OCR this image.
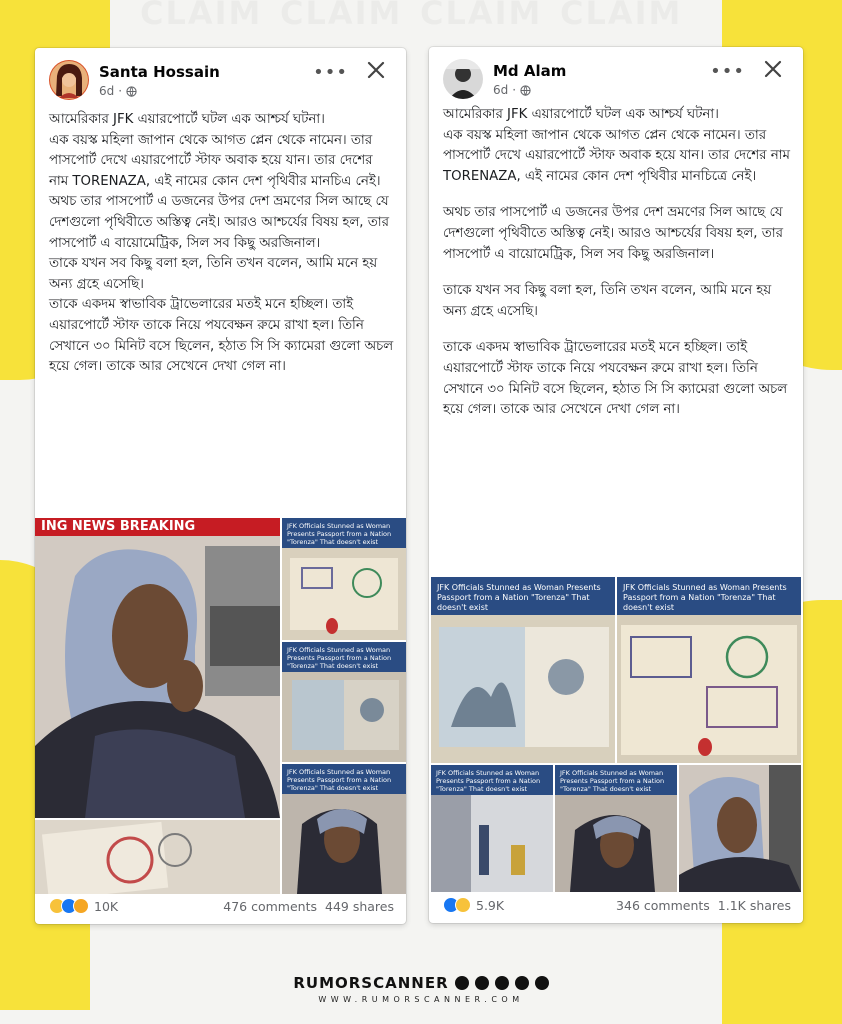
Santa Hossain
6d ·
•••

আমেরিকার JFK এয়ারপোর্টে ঘটল এক আশ্চর্য ঘটনা।

এক বয়স্ক মহিলা জাপান থেকে আগত প্লেন থেকে নামেন। তার পাসপোর্ট দেখে এয়ারপোর্টে স্টাফ অবাক হয়ে যান। তার দেশের নাম TORENAZA, এই নামের কোন দেশ পৃথিবীর মানচিএ নেই।

অথচ তার পাসপোর্ট এ ডজনের উপর দেশ ভ্রমণের সিল আছে যে দেশগুলো পৃথিবীতে অস্তিত্ব নেই। আরও আশ্চর্যের বিষয় হল, তার পাসপোর্ট এ বায়োমেট্রিক, সিল সব কিছু অরজিনাল।

তাকে যখন সব কিছু বলা হল, তিনি তখন বলেন, আমি মনে হয় অন্য গ্রহে এসেছি।

তাকে একদম স্বাভাবিক ট্রাভেলারের মতই মনে হচ্ছিল। তাই এয়ারপোর্টে স্টাফ তাকে নিয়ে পযবেক্ষন রুমে রাখা হল। তিনি সেখানে ৩০ মিনিট বসে ছিলেন, হঠাত সি সি ক্যামেরা গুলো অচল হয়ে গেল। তাকে আর সেখেনে দেখা গেল না।

ING NEWS BREAKING	JFK Officials Stunned as Woman Presents Passport from a Nation "Torenza" That doesn't exist
JFK Officials Stunned as Woman Presents Passport from a Nation "Torenza" That doesn't exist
JFK Officials Stunned as Woman Presents Passport from a Nation "Torenza" That doesn't exist
10K	476 comments 449 shares
Md Alam
6d ·
•••

আমেরিকার JFK এয়ারপোর্টে ঘটল এক আশ্চর্য ঘটনা।

এক বয়স্ক মহিলা জাপান থেকে আগত প্লেন থেকে নামেন। তার পাসপোর্ট দেখে এয়ারপোর্টে স্টাফ অবাক হয়ে যান। তার দেশের নাম TORENAZA, এই নামের কোন দেশ পৃথিবীর মানচিত্রে নেই।

অথচ তার পাসপোর্ট এ ডজনের উপর দেশ ভ্রমণের সিল আছে যে দেশগুলো পৃথিবীতে অস্তিত্ব নেই। আরও আশ্চর্যের বিষয় হল, তার পাসপোর্ট এ বায়োমেট্রিক, সিল সব কিছু অরজিনাল।

তাকে যখন সব কিছু বলা হল, তিনি তখন বলেন, আমি মনে হয় অন্য গ্রহে এসেছি।

তাকে একদম স্বাভাবিক ট্রাভেলারের মতই মনে হচ্ছিল। তাই এয়ারপোর্টে স্টাফ তাকে নিয়ে পযবেক্ষন রুমে রাখা হল। তিনি সেখানে ৩০ মিনিট বসে ছিলেন, হঠাত সি সি ক্যামেরা গুলো অচল হয়ে গেল। তাকে আর সেখেনে দেখা গেল না।

JFK Officials Stunned as Woman Presents Passport from a Nation "Torenza" That doesn't exist
JFK Officials Stunned as Woman Presents Passport from a Nation "Torenza" That doesn't exist
JFK Officials Stunned as Woman Presents Passport from a Nation "Torenza" That doesn't exist
JFK Officials Stunned as Woman Presents Passport from a Nation "Torenza" That doesn't exist
5.9K	346 comments 1.1K shares
RUMORSCANNER
WWW.RUMORSCANNER.COM
